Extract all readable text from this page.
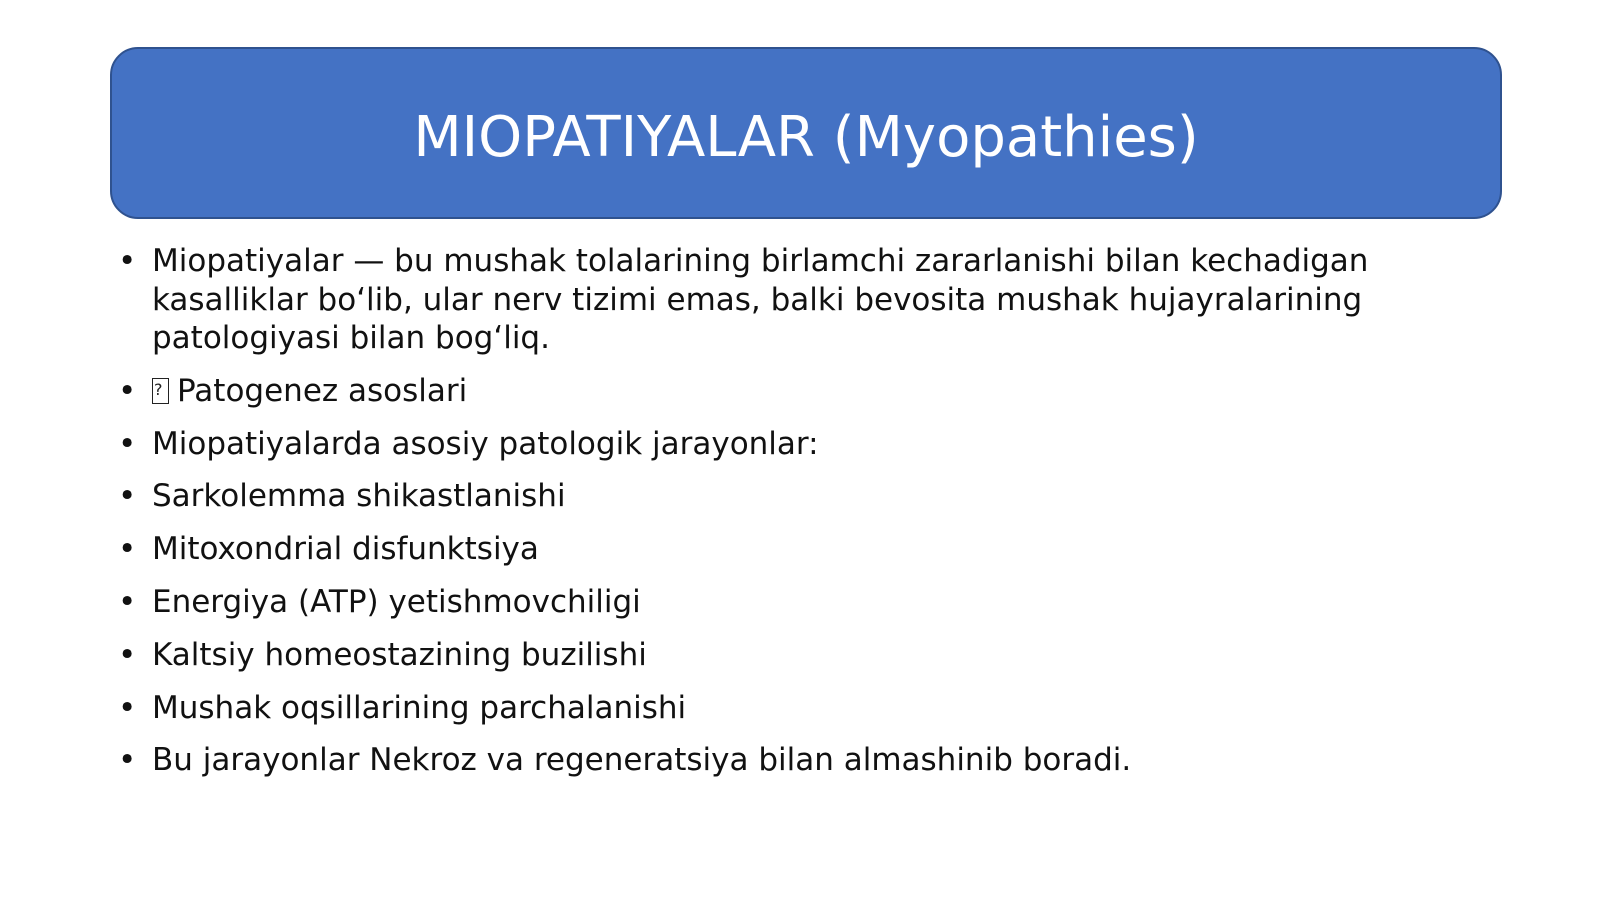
MIOPATIYALAR (Myopathies)
• Miopatiyalar — bu mushak tolalarining birlamchi zararlanishi bilan kechadigan kasalliklar bo‘lib, ular nerv tizimi emas, balki bevosita mushak hujayralarining patologiyasi bilan bog‘liq.
•
? Patogenez asoslari
• Miopatiyalarda asosiy patologik jarayonlar:
• Sarkolemma shikastlanishi
• Mitoxondrial disfunktsiya
• Energiya (ATP) yetishmovchiligi
• Kaltsiy homeostazining buzilishi
• Mushak oqsillarining parchalanishi
• Bu jarayonlar Nekroz va regeneratsiya bilan almashinib boradi.
